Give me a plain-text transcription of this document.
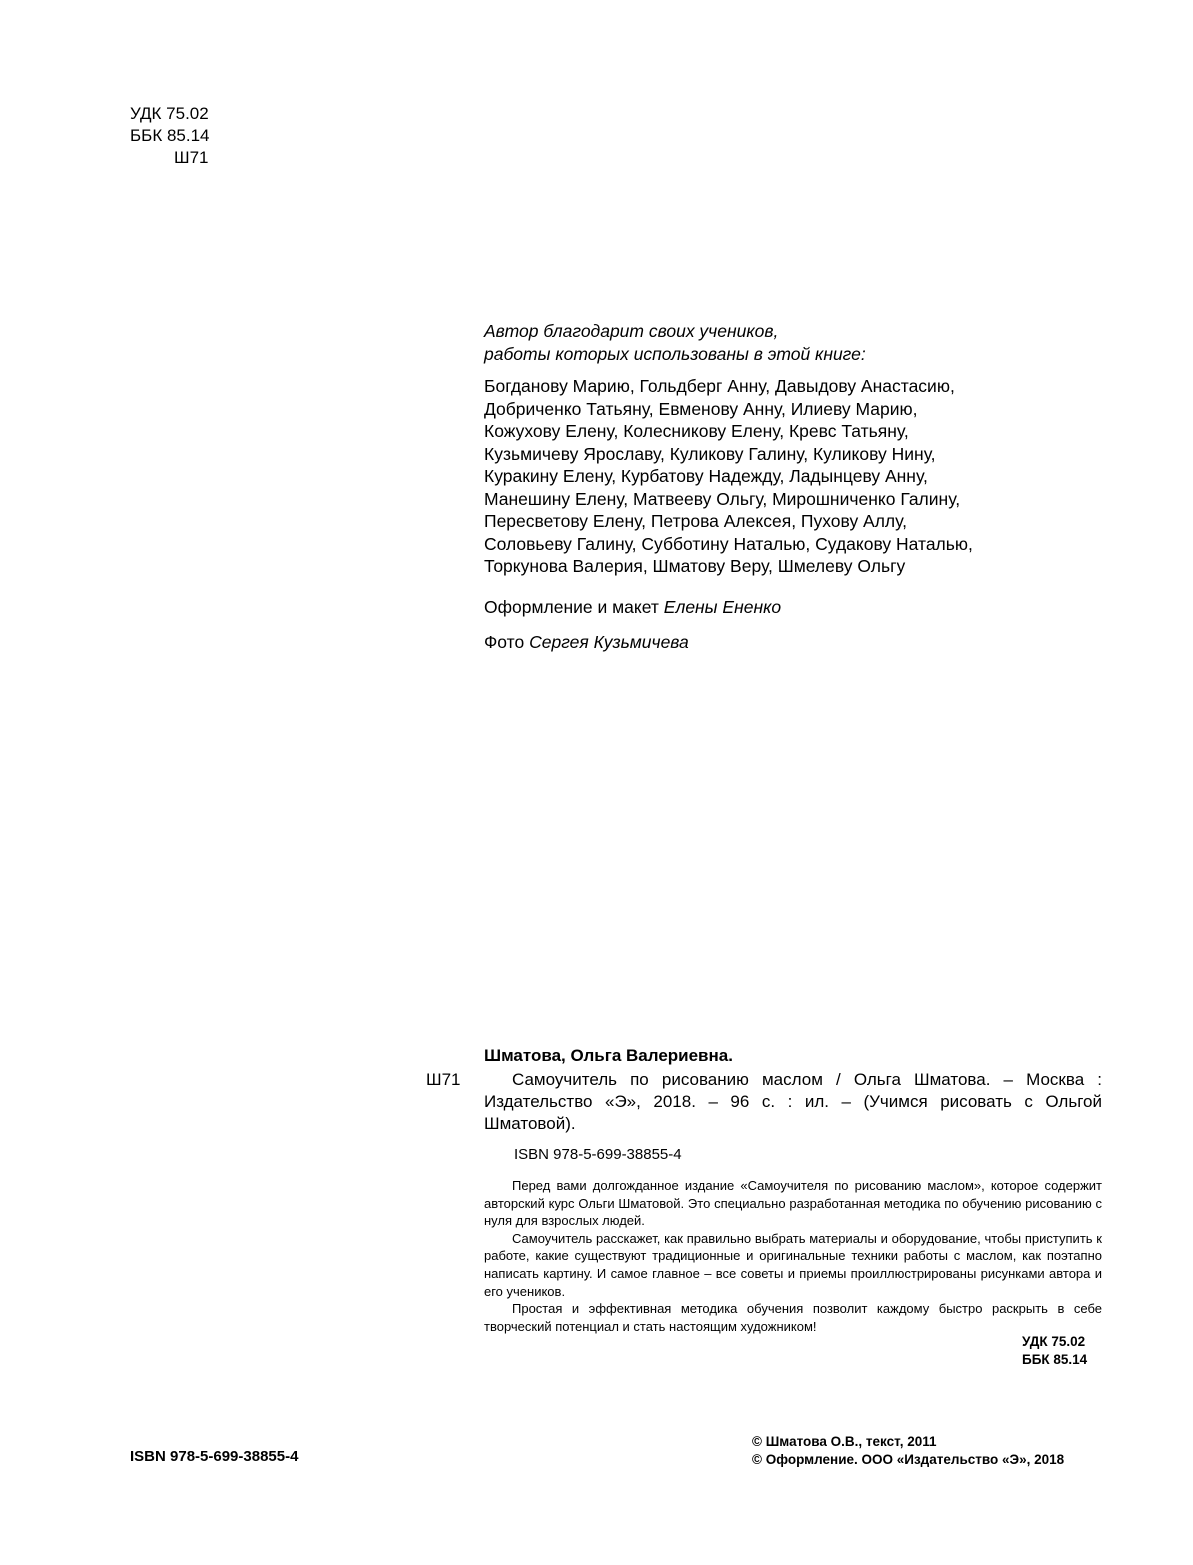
УДК 75.02
ББК 85.14
Ш71
Автор благодарит своих учеников,
работы которых использованы в этой книге:
Богданову Марию, Гольдберг Анну, Давыдову Анастасию,
Добриченко Татьяну, Евменову Анну, Илиеву Марию,
Кожухову Елену, Колесникову Елену, Кревс Татьяну,
Кузьмичеву Ярославу, Куликову Галину, Куликову Нину,
Куракину Елену, Курбатову Надежду, Ладынцеву Анну,
Манешину Елену, Матвееву Ольгу, Мирошниченко Галину,
Пересветову Елену, Петрова Алексея, Пухову Аллу,
Соловьеву Галину, Субботину Наталью, Судакову Наталью,
Торкунова Валерия, Шматову Веру, Шмелеву Ольгу
Оформление и макет Елены Ененко
Фото Сергея Кузьмичева
Шматова, Ольга Валериевна.
Ш71	Самоучитель по рисованию маслом / Ольга Шматова. – Москва : Издательство «Э», 2018. – 96 с. : ил. – (Учимся рисовать с Ольгой Шматовой).
ISBN 978-5-699-38855-4

Перед вами долгожданное издание «Самоучителя по рисованию маслом», которое содержит авторский курс Ольги Шматовой. Это специально разработанная методика по обучению рисованию с нуля для взрослых людей.

Самоучитель расскажет, как правильно выбрать материалы и оборудование, чтобы приступить к работе, какие существуют традиционные и оригинальные техники работы с маслом, как поэтапно написать картину. И самое главное – все советы и приемы проиллюстрированы рисунками автора и его учеников.

Простая и эффективная методика обучения позволит каждому быстро раскрыть в себе творческий потенциал и стать настоящим художником!

УДК 75.02
ББК 85.14
ISBN 978-5-699-38855-4
© Шматова О.В., текст, 2011
© Оформление. ООО «Издательство «Э», 2018
